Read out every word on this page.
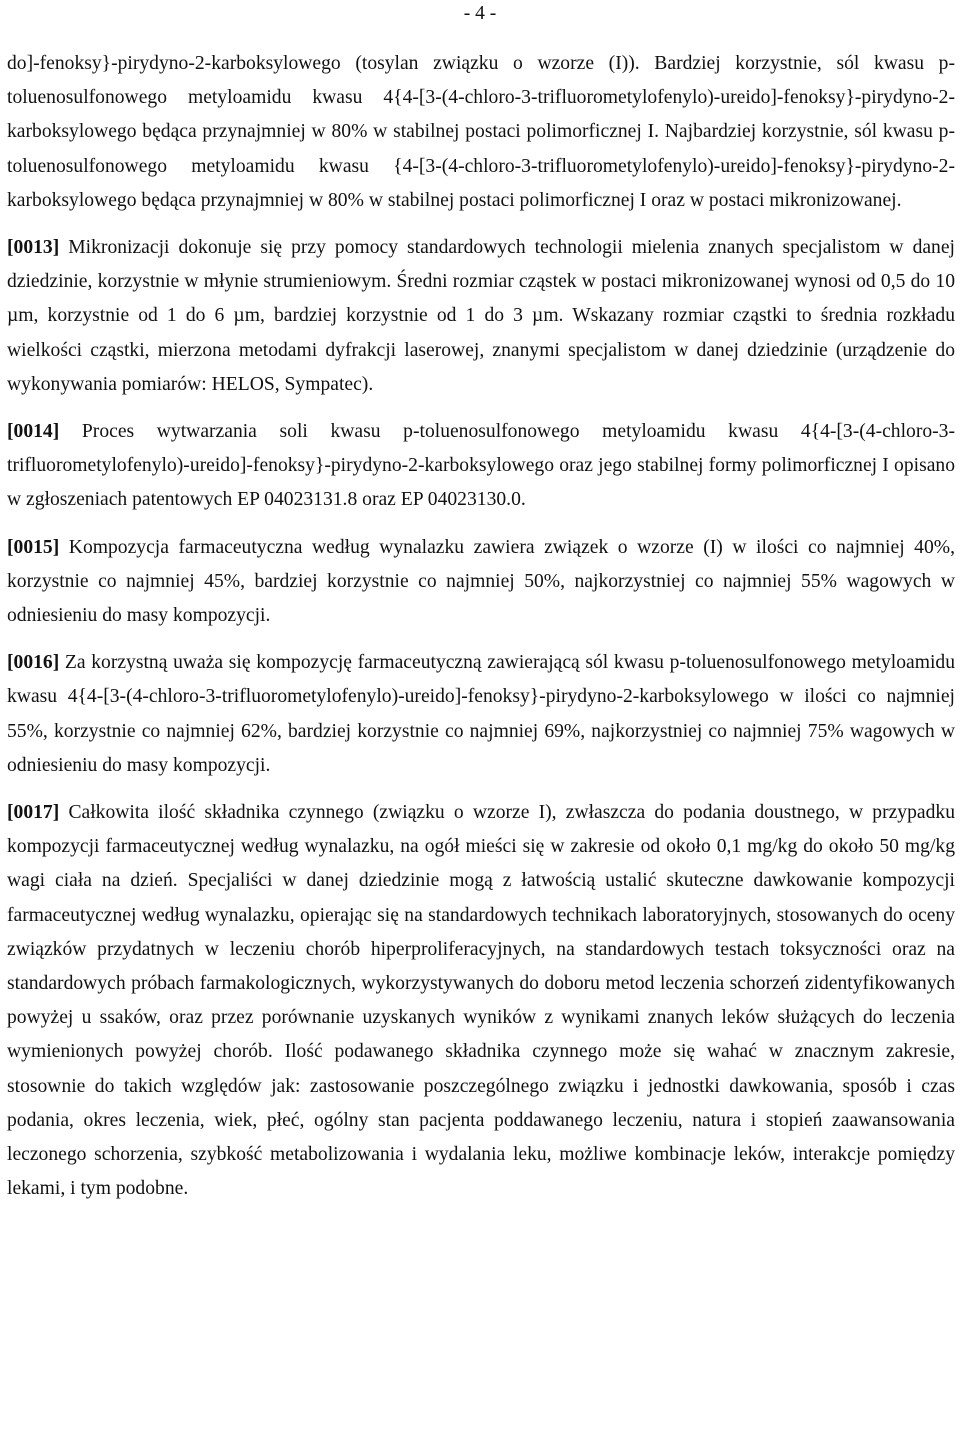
- 4 -

do]-fenoksy}-pirydyno-2-karboksylowego (tosylan związku o wzorze (I)). Bardziej korzystnie, sól kwasu p-toluenosulfonowego metyloamidu kwasu 4{4-[3-(4-chloro-3-trifluorometylofenylo)-ureido]-fenoksy}-pirydyno-2-karboksylowego będąca przynajmniej w 80% w stabilnej postaci polimorficznej I. Najbardziej korzystnie, sól kwasu p-toluenosulfonowego metyloamidu kwasu {4-[3-(4-chloro-3-trifluorometylofenylo)-ureido]-fenoksy}-pirydyno-2-karboksylowego będąca przynajmniej w 80% w stabilnej postaci polimorficznej I oraz w postaci mikronizowanej.

[0013] Mikronizacji dokonuje się przy pomocy standardowych technologii mielenia znanych specjalistom w danej dziedzinie, korzystnie w młynie strumieniowym. Średni rozmiar cząstek w postaci mikronizowanej wynosi od 0,5 do 10 µm, korzystnie od 1 do 6 µm, bardziej korzystnie od 1 do 3 µm. Wskazany rozmiar cząstki to średnia rozkładu wielkości cząstki, mierzona metodami dyfrakcji laserowej, znanymi specjalistom w danej dziedzinie (urządzenie do wykonywania pomiarów: HELOS, Sympatec).

[0014] Proces wytwarzania soli kwasu p-toluenosulfonowego metyloamidu kwasu 4{4-[3-(4-chloro-3-trifluorometylofenylo)-ureido]-fenoksy}-pirydyno-2-karboksylowego oraz jego stabilnej formy polimorficznej I opisano w zgłoszeniach patentowych EP 04023131.8 oraz EP 04023130.0.

[0015] Kompozycja farmaceutyczna według wynalazku zawiera związek o wzorze (I) w ilości co najmniej 40%, korzystnie co najmniej 45%, bardziej korzystnie co najmniej 50%, najkorzystniej co najmniej 55% wagowych w odniesieniu do masy kompozycji.

[0016] Za korzystną uważa się kompozycję farmaceutyczną zawierającą sól kwasu p-toluenosulfonowego metyloamidu kwasu 4{4-[3-(4-chloro-3-trifluorometylofenylo)-ureido]-fenoksy}-pirydyno-2-karboksylowego w ilości co najmniej 55%, korzystnie co najmniej 62%, bardziej korzystnie co najmniej 69%, najkorzystniej co najmniej 75% wagowych w odniesieniu do masy kompozycji.

[0017] Całkowita ilość składnika czynnego (związku o wzorze I), zwłaszcza do podania doustnego, w przypadku kompozycji farmaceutycznej według wynalazku, na ogół mieści się w zakresie od około 0,1 mg/kg do około 50 mg/kg wagi ciała na dzień. Specjaliści w danej dziedzinie mogą z łatwością ustalić skuteczne dawkowanie kompozycji farmaceutycznej według wynalazku, opierając się na standardowych technikach laboratoryjnych, stosowanych do oceny związków przydatnych w leczeniu chorób hiperproliferacyjnych, na standardowych testach toksyczności oraz na standardowych próbach farmakologicznych, wykorzystywanych do doboru metod leczenia schorzeń zidentyfikowanych powyżej u ssaków, oraz przez porównanie uzyskanych wyników z wynikami znanych leków służących do leczenia wymienionych powyżej chorób. Ilość podawanego składnika czynnego może się wahać w znacznym zakresie, stosownie do takich względów jak: zastosowanie poszczególnego związku i jednostki dawkowania, sposób i czas podania, okres leczenia, wiek, płeć, ogólny stan pacjenta poddawanego leczeniu, natura i stopień zaawansowania leczonego schorzenia, szybkość metabolizowania i wydalania leku, możliwe kombinacje leków, interakcje pomiędzy lekami, i tym podobne.
